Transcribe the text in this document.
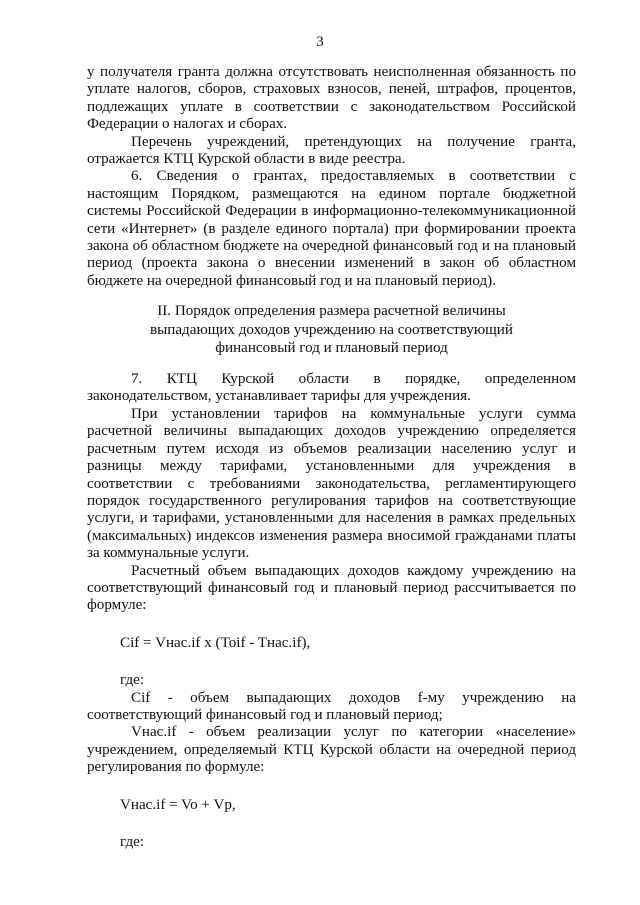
3

у получателя гранта должна отсутствовать неисполненная обязанность по уплате налогов, сборов, страховых взносов, пеней, штрафов, процентов, подлежащих уплате в соответствии с законодательством Российской Федерации о налогах и сборах.

Перечень учреждений, претендующих на получение гранта, отражается КТЦ Курской области в виде реестра.

6. Сведения о грантах, предоставляемых в соответствии с настоящим Порядком, размещаются на едином портале бюджетной системы Российской Федерации в информационно-телекоммуникационной сети «Интернет» (в разделе единого портала) при формировании проекта закона об областном бюджете на очередной финансовый год и на плановый период (проекта закона о внесении изменений в закон об областном бюджете на очередной финансовый год и на плановый период).

II. Порядок определения размера расчетной величины
выпадающих доходов учреждению на соответствующий
финансовый год и плановый период

7. КТЦ Курской области в порядке, определенном законодательством, устанавливает тарифы для учреждения.

При установлении тарифов на коммунальные услуги сумма расчетной величины выпадающих доходов учреждению определяется расчетным путем исходя из объемов реализации населению услуг и разницы между тарифами, установленными для учреждения в соответствии с требованиями законодательства, регламентирующего порядок государственного регулирования тарифов на соответствующие услуги, и тарифами, установленными для населения в рамках предельных (максимальных) индексов изменения размера вносимой гражданами платы за коммунальные услуги.

Расчетный объем выпадающих доходов каждому учреждению на соответствующий финансовый год и плановый период рассчитывается по формуле:

Cif = Vнас.if x (Toif - Tнас.if),

где:

Cif - объем выпадающих доходов f-му учреждению на соответствующий финансовый год и плановый период;

Vнас.if - объем реализации услуг по категории «население» учреждением, определяемый КТЦ Курской области на очередной период регулирования по формуле:

Vнас.if = Vo + Vp,

где:
